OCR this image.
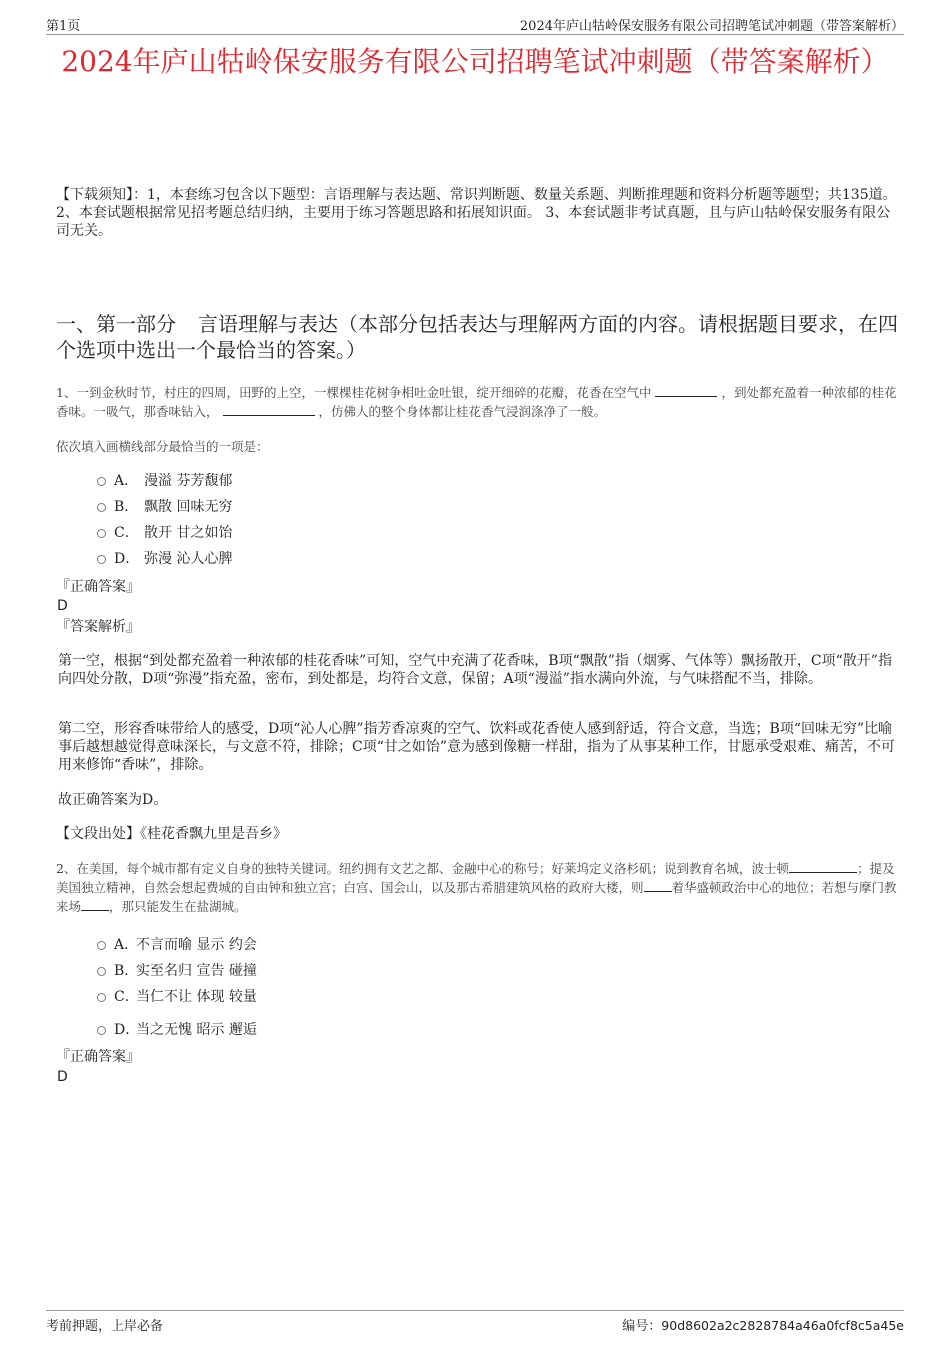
第1页	2024年庐山牯岭保安服务有限公司招聘笔试冲刺题（带答案解析）
2024年庐山牯岭保安服务有限公司招聘笔试冲刺题（带答案解析）
【下载须知】：1，本套练习包含以下题型：言语理解与表达题、常识判断题、数量关系题、判断推理题和资料分析题等题型；共135道。 2、本套试题根据常见招考题总结归纳，主要用于练习答题思路和拓展知识面。 3、本套试题非考试真题，且与庐山牯岭保安服务有限公司无关。
一、第一部分 言语理解与表达（本部分包括表达与理解两方面的内容。请根据题目要求，在四个选项中选出一个最恰当的答案。）
1、一到金秋时节，村庄的四周，田野的上空，一棵棵桂花树争相吐金吐银，绽开细碎的花瓣，花香在空气中	，到处都充盈着一种浓郁的桂花香味。一吸气，那香味钻入，	，仿佛人的整个身体都让桂花香气浸润涤净了一般。
依次填入画横线部分最恰当的一项是：
A． 漫溢 芬芳馥郁
B． 飘散 回味无穷
C． 散开 甘之如饴
D． 弥漫 沁人心脾
『正确答案』
D
『答案解析』
第一空，根据“到处都充盈着一种浓郁的桂花香味”可知，空气中充满了花香味，B项“飘散”指（烟雾、气体等）飘扬散开，C项“散开”指向四处分散，D项“弥漫”指充盈，密布，到处都是，均符合文意，保留；A项“漫溢”指水满向外流，与气味搭配不当，排除。
第二空，形容香味带给人的感受，D项“沁人心脾”指芳香凉爽的空气、饮料或花香使人感到舒适，符合文意，当选；B项“回味无穷”比喻事后越想越觉得意味深长，与文意不符，排除；C项“甘之如饴”意为感到像糖一样甜，指为了从事某种工作，甘愿承受艰难、痛苦，不可用来修饰“香味”，排除。
故正确答案为D。
【文段出处】《桂花香飘九里是吾乡》
2、在美国，每个城市都有定义自身的独特关键词。纽约拥有文艺之都、金融中心的称号；好莱坞定义洛杉矶；说到教育名城，波士顿	；提及美国独立精神，自然会想起费城的自由钟和独立宫；白宫、国会山，以及那古希腊建筑风格的政府大楼，则 着华盛顿政治中心的地位；若想与摩门教来场 ，那只能发生在盐湖城。
A．不言而喻 显示 约会
B．实至名归 宣告 碰撞
C．当仁不让 体现 较量
D．当之无愧 昭示 邂逅
『正确答案』
D
考前押题，上岸必备	编号：90d8602a2c2828784a46a0fcf8c5a45e
